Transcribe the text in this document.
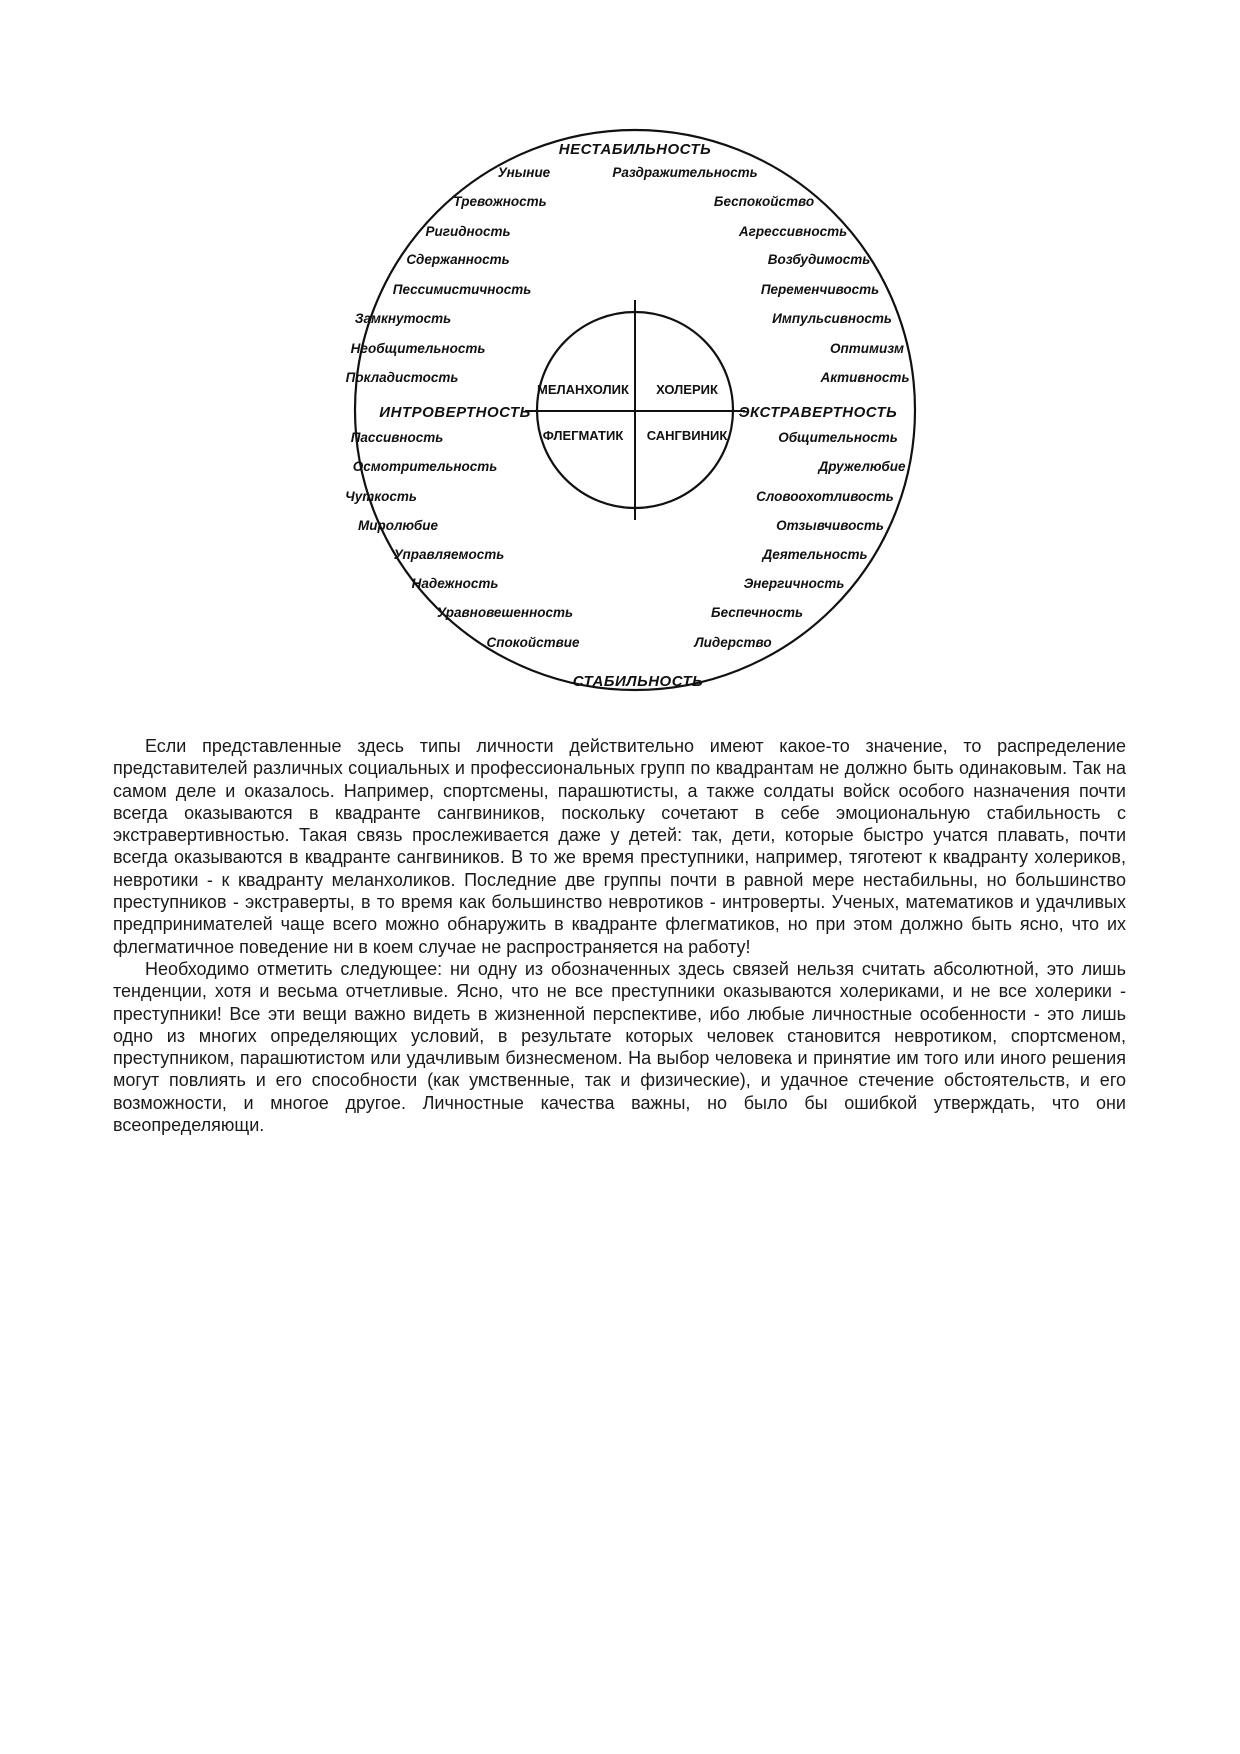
НЕСТАБИЛЬНОСТЬ
СТАБИЛЬНОСТЬ
ИНТРОВЕРТНОСТЬ	ЭКСТРАВЕРТНОСТЬ
МЕЛАНХОЛИК ХОЛЕРИК
ФЛЕГМАТИК САНГВИНИК
Уныние
Тревожность
Ригидность
Сдержанность
Пессимистичность
Замкнутость
Необщительность
Покладистость
Раздражительность
Беспокойство
Агрессивность
Возбудимость
Переменчивость
Импульсивность
Оптимизм
Активность
Пассивность
Осмотрительность
Чуткость
Миролюбие
Управляемость
Надежность
Уравновешенность
Спокойствие
Общительность
Дружелюбие
Словоохотливость
Отзывчивость
Деятельность
Энергичность
Беспечность
Лидерство

Если представленные здесь типы личности действительно имеют какое-то значение, то распределение представителей различных социальных и профессиональных групп по квадрантам не должно быть одинаковым. Так на самом деле и оказалось. Например, спортсмены, парашютисты, а также солдаты войск особого назначения почти всегда оказываются в квадранте сангвиников, поскольку сочетают в себе эмоциональную стабильность с экстравертивностью. Такая связь прослеживается даже у детей: так, дети, которые быстро учатся плавать, почти всегда оказываются в квадранте сангвиников. В то же время преступники, например, тяготеют к квадранту холериков, невротики - к квадранту меланхоликов. Последние две группы почти в равной мере нестабильны, но большинство преступников - экстраверты, в то время как большинство невротиков - интроверты. Ученых, математиков и удачливых предпринимателей чаще всего можно обнаружить в квадранте флегматиков, но при этом должно быть ясно, что их флегматичное поведение ни в коем случае не распространяется на работу!

Необходимо отметить следующее: ни одну из обозначенных здесь связей нельзя считать абсолютной, это лишь тенденции, хотя и весьма отчетливые. Ясно, что не все преступники оказываются холериками, и не все холерики - преступники! Все эти вещи важно видеть в жизненной перспективе, ибо любые личностные особенности - это лишь одно из многих определяющих условий, в результате которых человек становится невротиком, спортсменом, преступником, парашютистом или удачливым бизнесменом. На выбор человека и принятие им того или иного решения могут повлиять и его способности (как умственные, так и физические), и удачное стечение обстоятельств, и его возможности, и многое другое. Личностные качества важны, но было бы ошибкой утверждать, что они всеопределяющи.
